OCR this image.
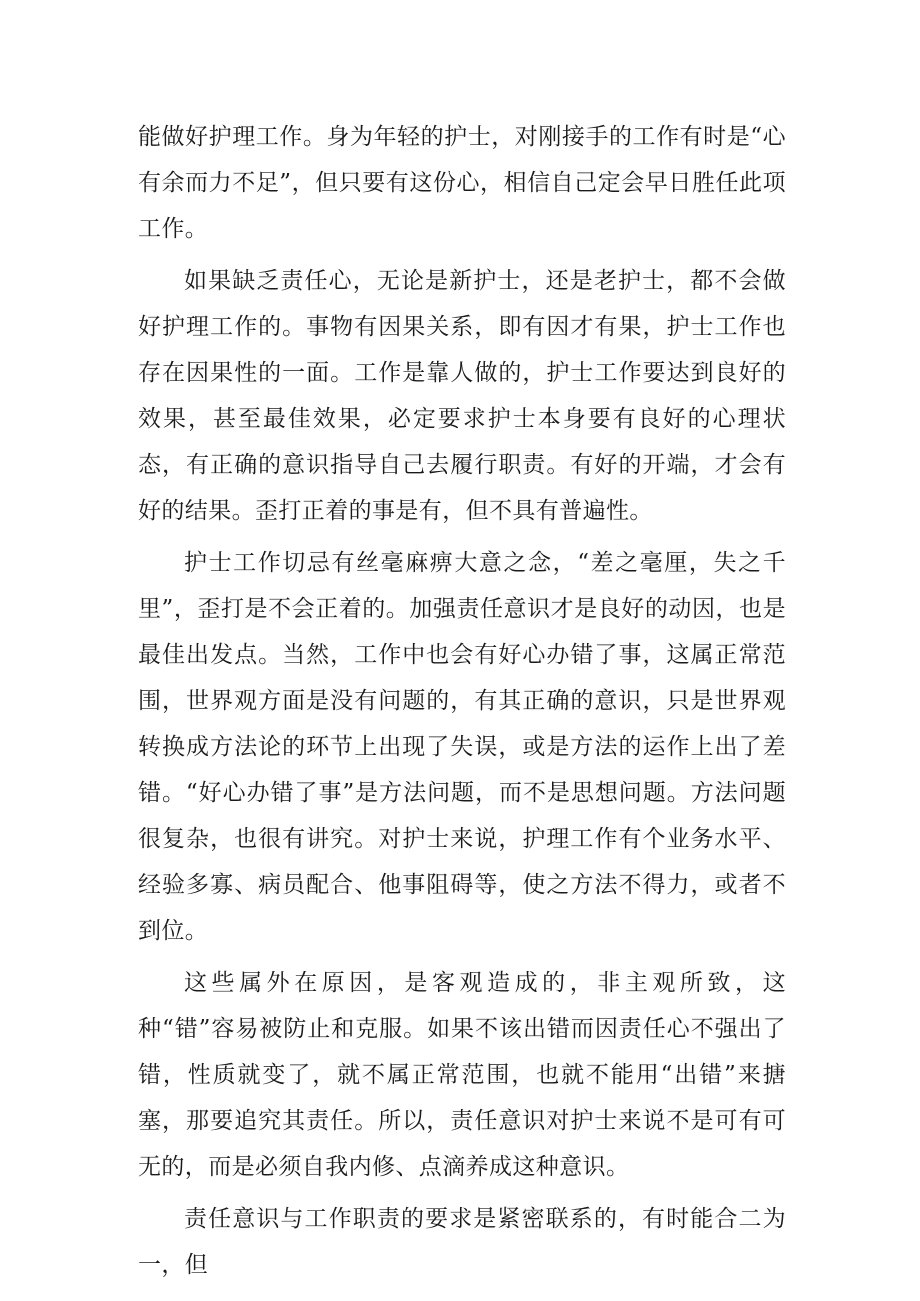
能做好护理工作。身为年轻的护士，对刚接手的工作有时是“心有余而力不足”，但只要有这份心，相信自己定会早日胜任此项工作。

如果缺乏责任心，无论是新护士，还是老护士，都不会做好护理工作的。事物有因果关系，即有因才有果，护士工作也存在因果性的一面。工作是靠人做的，护士工作要达到良好的效果，甚至最佳效果，必定要求护士本身要有良好的心理状态，有正确的意识指导自己去履行职责。有好的开端，才会有好的结果。歪打正着的事是有，但不具有普遍性。

护士工作切忌有丝毫麻痹大意之念，“差之毫厘，失之千里”，歪打是不会正着的。加强责任意识才是良好的动因，也是最佳出发点。当然，工作中也会有好心办错了事，这属正常范围，世界观方面是没有问题的，有其正确的意识，只是世界观转换成方法论的环节上出现了失误，或是方法的运作上出了差错。“好心办错了事”是方法问题，而不是思想问题。方法问题很复杂，也很有讲究。对护士来说，护理工作有个业务水平、经验多寡、病员配合、他事阻碍等，使之方法不得力，或者不到位。

这些属外在原因，是客观造成的，非主观所致，这种“错”容易被防止和克服。如果不该出错而因责任心不强出了错，性质就变了，就不属正常范围，也就不能用“出错”来搪塞，那要追究其责任。所以，责任意识对护士来说不是可有可无的，而是必须自我内修、点滴养成这种意识。

责任意识与工作职责的要求是紧密联系的，有时能合二为一，但
